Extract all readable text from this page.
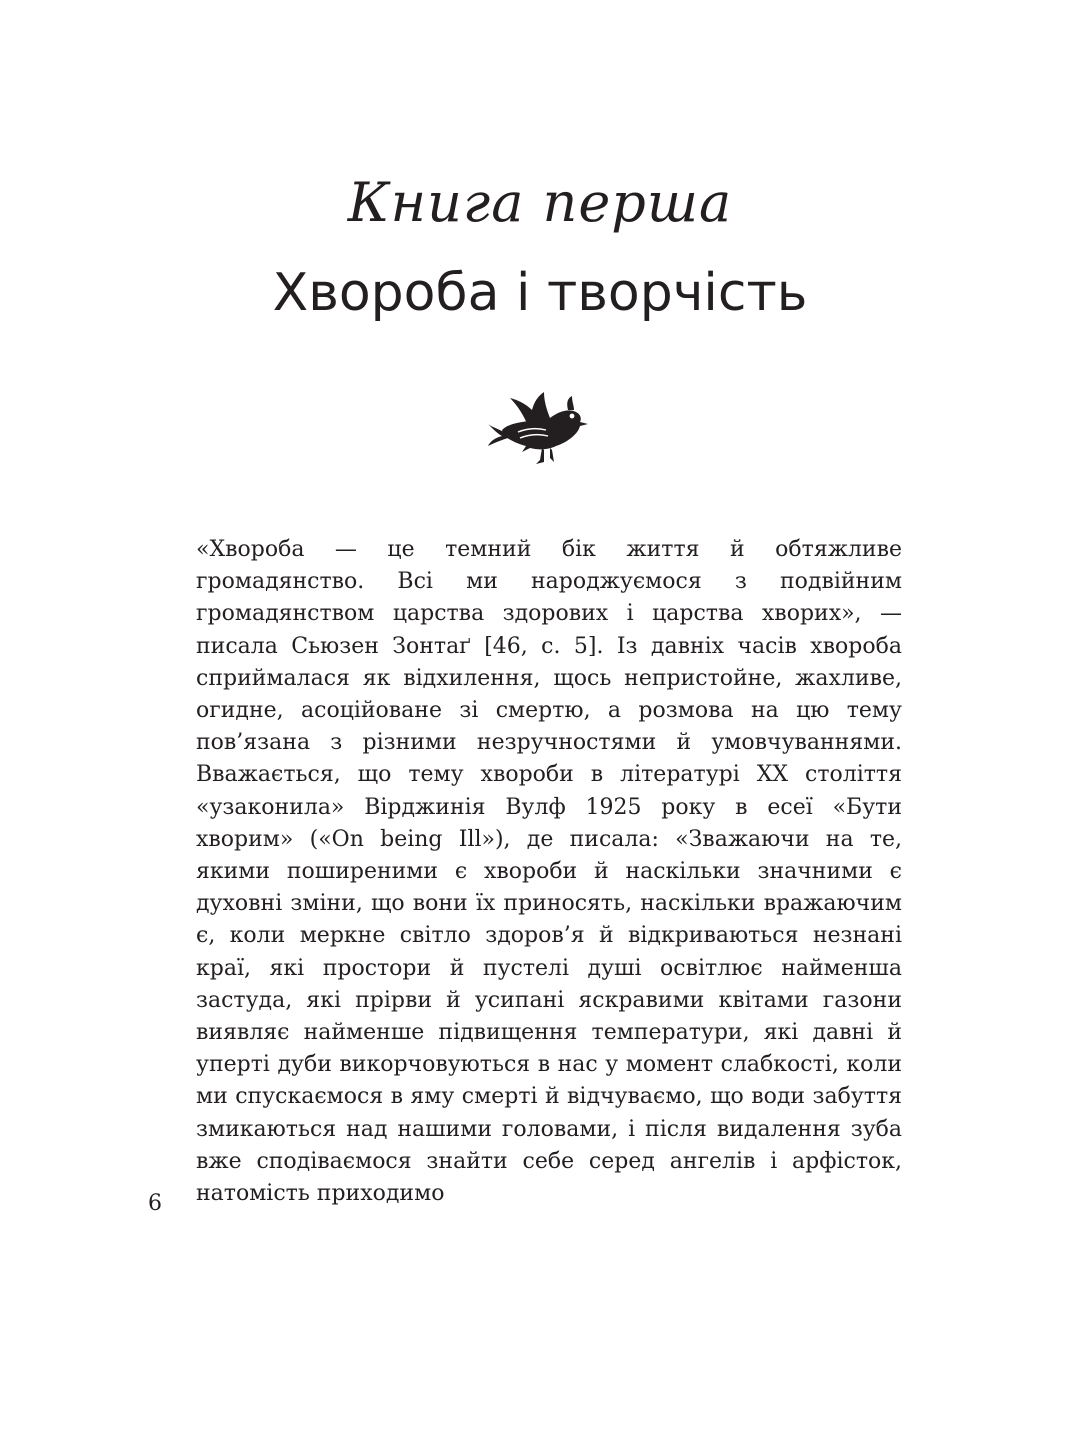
Книга перша
Хвороба і творчість

«Хвороба — це темний бік життя й обтяжливе громадянство. Всі ми народжуємося з подвійним громадянством царства здорових і царства хворих», — писала Сьюзен Зонтаґ [46, с. 5]. Із давніх часів хвороба сприймалася як відхилення, щось непристойне, жахливе, огидне, асоційоване зі смертю, а розмова на цю тему пов’язана з різними незручностями й умовчуваннями. Вважається, що тему хвороби в літературі XX століття «узаконила» Вірджинія Вулф 1925 року в есеї «Бути хворим» («On being Ill»), де писала: «Зважаючи на те, якими поширеними є хвороби й наскільки значними є духовні зміни, що вони їх приносять, наскільки вражаючим є, коли меркне світло здоров’я й відкриваються незнані краї, які простори й пустелі душі освітлює найменша застуда, які прірви й усипані яскравими квітами газони виявляє найменше підвищення температури, які давні й уперті дуби викорчовуються в нас у момент слабкості, коли ми спускаємося в яму смерті й відчуваємо, що води забуття змикаються над нашими головами, і після видалення зуба вже сподіваємося знайти себе серед ангелів і арфісток, натомість приходимо

6
